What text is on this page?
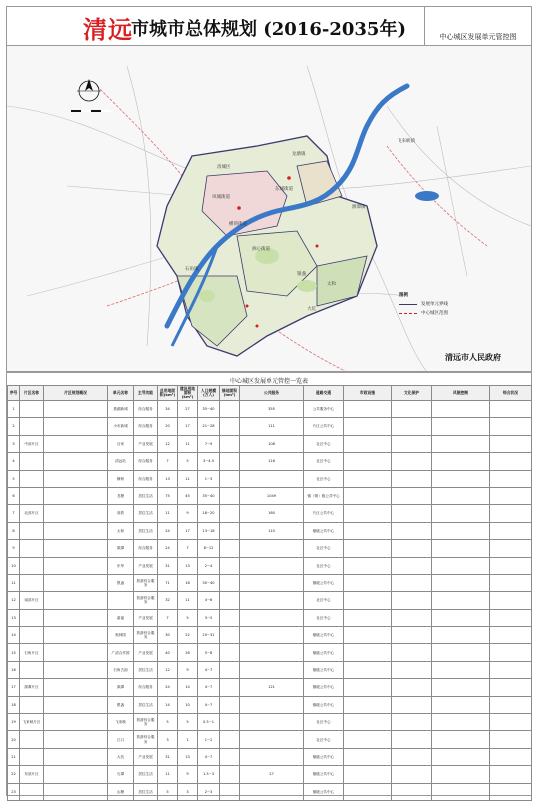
清远
市城市总体规划 (2016-2035年)	中心城区发展单元管控图
清城区
龙塘镇
石角镇
源潭镇
飞来峡镇
横荷街道
洲心街道
东城街道
凤城街道
银盏
太和
大坑
图例
发展单元界线
中心城区范围
清远市人民政府
中心城区发展单元管控一览表
序号	片区名称	片区规划概况	单元名称	主导功能	总用地面积(km²)	建设用地面积(km²)	人口规模(万人)	绿地面积(hm²)	公共服务	道路交通	市政设施	文化保护	风貌控制	综合状况
1			燕湖新城	综合服务	34	27	35~40		355	公共服务中心				
2			小市新城	综合服务	20	17	21~28		111	片区公共中心				
3	中部片区		百家	产业发展	12	11	7~9		108	社区中心				
4			清远站	综合服务	7	5	3~4.5		116	社区中心				
5			横荷	综合服务	13	11	1~3			社区中心				
6			龙塘	居住生活	75	45	35~40		1049	镇（街）级公共中心				
7	北部片区		高铁	居住生活	11	9	18~20		160	片区公共中心				
8			太和	居住生活	24	17	13~18		110	镇级公共中心				
9			源潭	综合服务	24	7	8~12			社区中心				
10			东华	产业发展	31	13	2~4			社区中心				
11			银盏	旅游综合服务	71	18	30~40			镇级公共中心				
12	南部片区			旅游综合服务	32	11	4~6			社区中心				
13			嘉福	产业发展	7	5	3~5			社区中心				
14			奥林园	旅游综合服务	30	22	20~31			镇级公共中心				
15	石角片区		广清合作园	产业发展	40	28	5~8			镇级公共中心				
16			石角古韵	居住生活	12	9	4~7			镇级公共中心				
17	源潭片区		源潭	综合服务	24	14	4~7		121	镇级公共中心				
18			银盏	居住生活	14	10	4~7			镇级公共中心				
19	飞来峡片区		飞来峡	旅游综合服务	5	5	0.5~1			社区中心				
20			江口	旅游综合服务	3	1	1~2			社区中心				
21			大坑	产业发展	31	13	4~7			镇级公共中心				
22	东部片区		石潭	居住生活	11	9	1.5~3		27	镇级公共中心				
23			山塘	居住生活	5	3	2~3			镇级公共中心				
